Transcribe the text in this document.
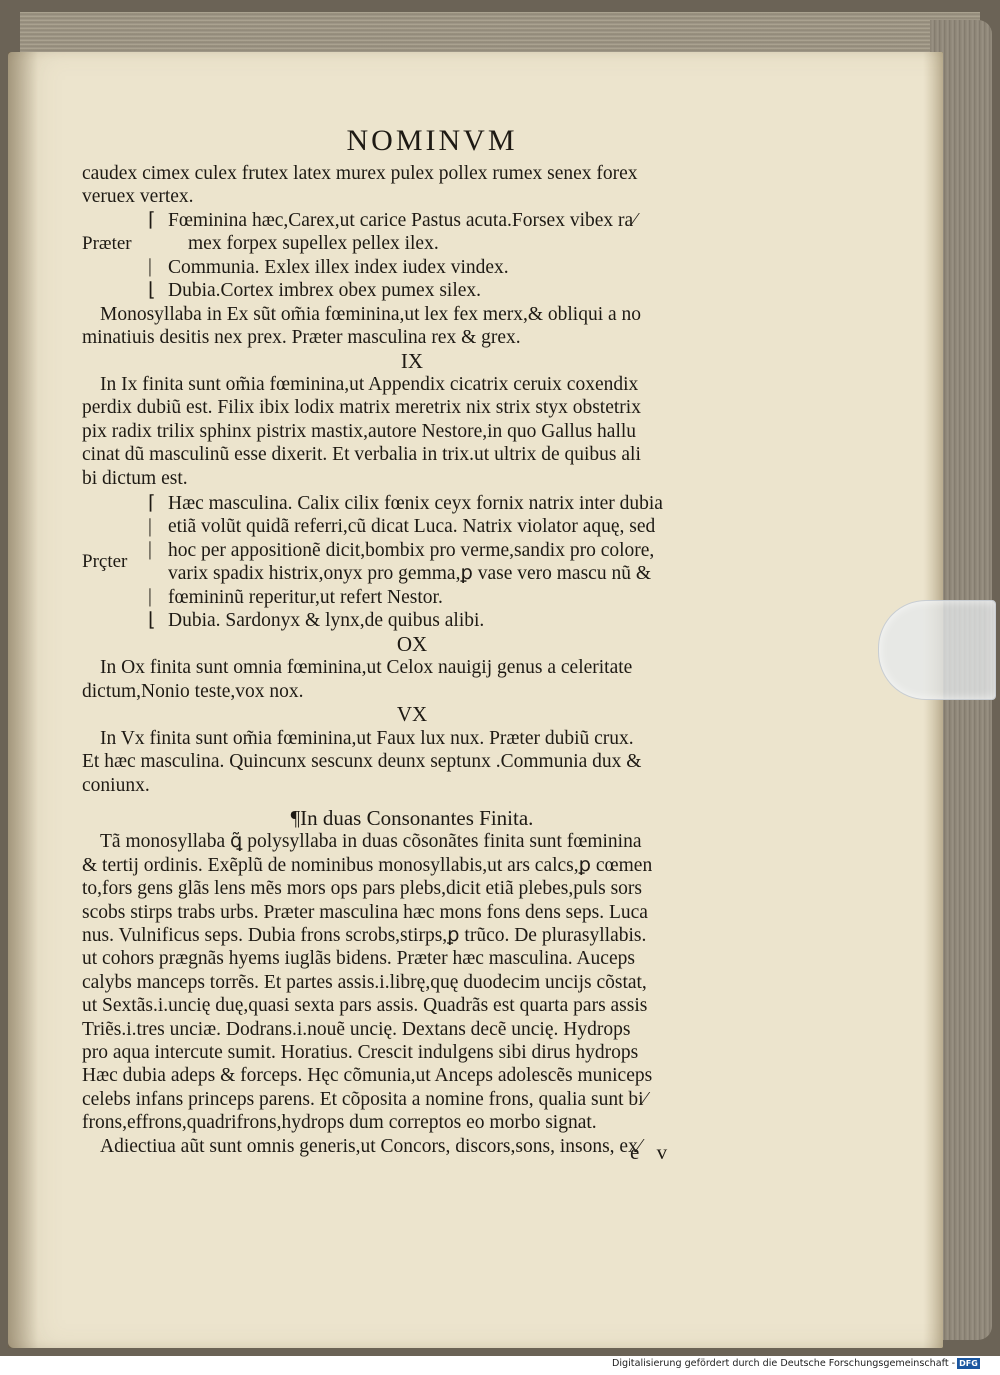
NOMINVM
caudex cimex culex frutex latex murex pulex pollex rumex senex forex
veruex vertex.
Præter
⌈
|
⌊
Fœminina hæc,Carex,ut carice Pastus acuta.Forsex vibex ra⁄
mex forpex supellex pellex ilex.
Communia. Exlex illex index iudex vindex.
Dubia.Cortex imbrex obex pumex silex.
Monosyllaba in Ex sũt om̃ia fœminina,ut lex fex merx,& obliqui a no
minatiuis desitis nex prex. Præter masculina rex & grex.
IX
In Ix finita sunt om̃ia fœminina,ut Appendix cicatrix ceruix coxendix
perdix dubiũ est. Filix ibix lodix matrix meretrix nix strix styx obstetrix
pix radix trilix sphinx pistrix mastix,autore Nestore,in quo Gallus hallu
cinat dũ masculinũ esse dixerit. Et verbalia in trix.ut ultrix de quibus ali
bi dictum est.
Prçter
⌈
|
|
|
⌊
Hæc masculina. Calix cilix fœnix ceyx fornix natrix inter dubia
etiã volũt quidã referri,cũ dicat Luca. Natrix violator aquę, sed
hoc per appositionẽ dicit,bombix pro verme,sandix pro colore,
varix spadix histrix,onyx pro gemma,ꝑ vase vero mascu nũ &
fœmininũ reperitur,ut refert Nestor.
Dubia. Sardonyx & lynx,de quibus alibi.
OX
In Ox finita sunt omnia fœminina,ut Celox nauigij genus a celeritate
dictum,Nonio teste,vox nox.
VX
In Vx finita sunt om̃ia fœminina,ut Faux lux nux. Præter dubiũ crux.
Et hæc masculina. Quincunx sescunx deunx septunx .Communia dux &
coniunx.
¶In duas Consonantes Finita.
Tã monosyllaba ꝗ̃ polysyllaba in duas cõsonãtes finita sunt fœminina
& tertij ordinis. Exẽplũ de nominibus monosyllabis,ut ars calcs,ꝑ cœmen
to,fors gens glãs lens mẽs mors ops pars plebs,dicit etiã plebes,puls sors
scobs stirps trabs urbs. Præter masculina hæc mons fons dens seps. Luca
nus. Vulnificus seps. Dubia frons scrobs,stirps,ꝑ trũco. De plurasyllabis.
ut cohors prægnãs hyems iuglãs bidens. Præter hæc masculina. Auceps
calybs manceps torrẽs. Et partes assis.i.librę,quę duodecim uncijs cõstat,
ut Sextãs.i.uncię duę,quasi sexta pars assis. Quadrãs est quarta pars assis
Triẽs.i.tres unciæ. Dodrans.i.nouẽ uncię. Dextans decẽ uncię. Hydrops
pro aqua intercute sumit. Horatius. Crescit indulgens sibi dirus hydrops
Hæc dubia adeps & forceps. Hęc cõmunia,ut Anceps adolescẽs municeps
celebs infans princeps parens. Et cõposita a nomine frons, qualia sunt bi⁄
frons,effrons,quadrifrons,hydrops dum correptos eo morbo signat.
Adiectiua aũt sunt omnis generis,ut Concors, discors,sons, insons, ex⁄
e v
Digitalisierung gefördert durch die Deutsche Forschungsgemeinschaft - DFG
